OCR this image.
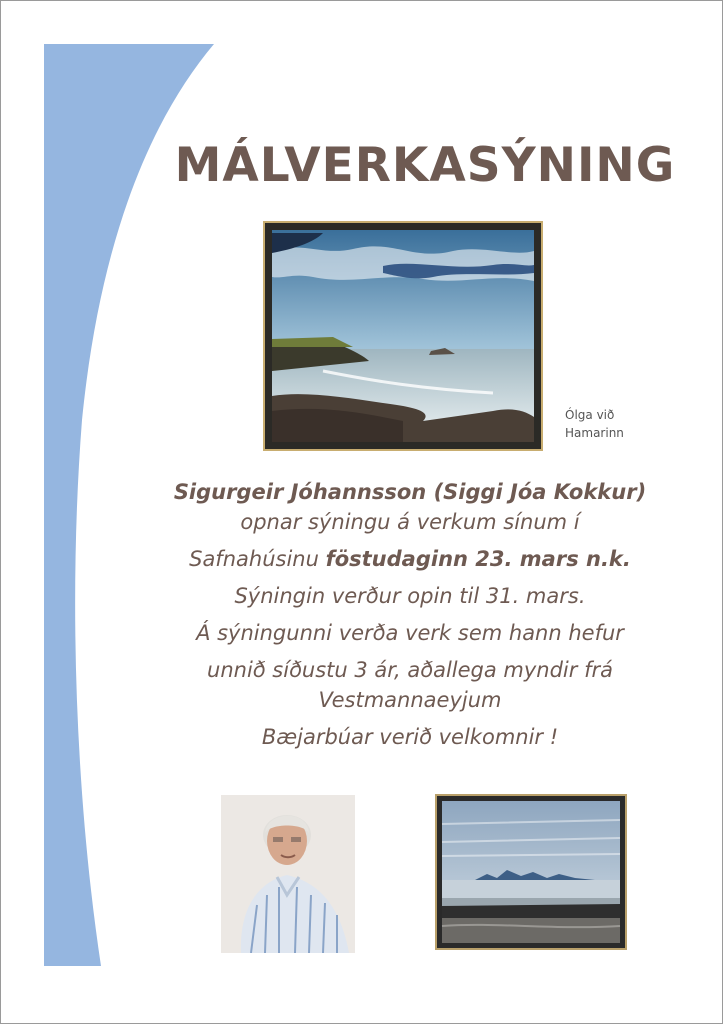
MÁLVERKASÝNING
Ólga við
Hamarinn
Sigurgeir Jóhannsson (Siggi Jóa Kokkur)
opnar sýningu á verkum sínum í
Safnahúsinu föstudaginn 23. mars n.k.
Sýningin verður opin til 31. mars.
Á sýningunni verða verk sem hann hefur
unnið síðustu 3 ár, aðallega myndir frá
Vestmannaeyjum
Bæjarbúar verið velkomnir !
